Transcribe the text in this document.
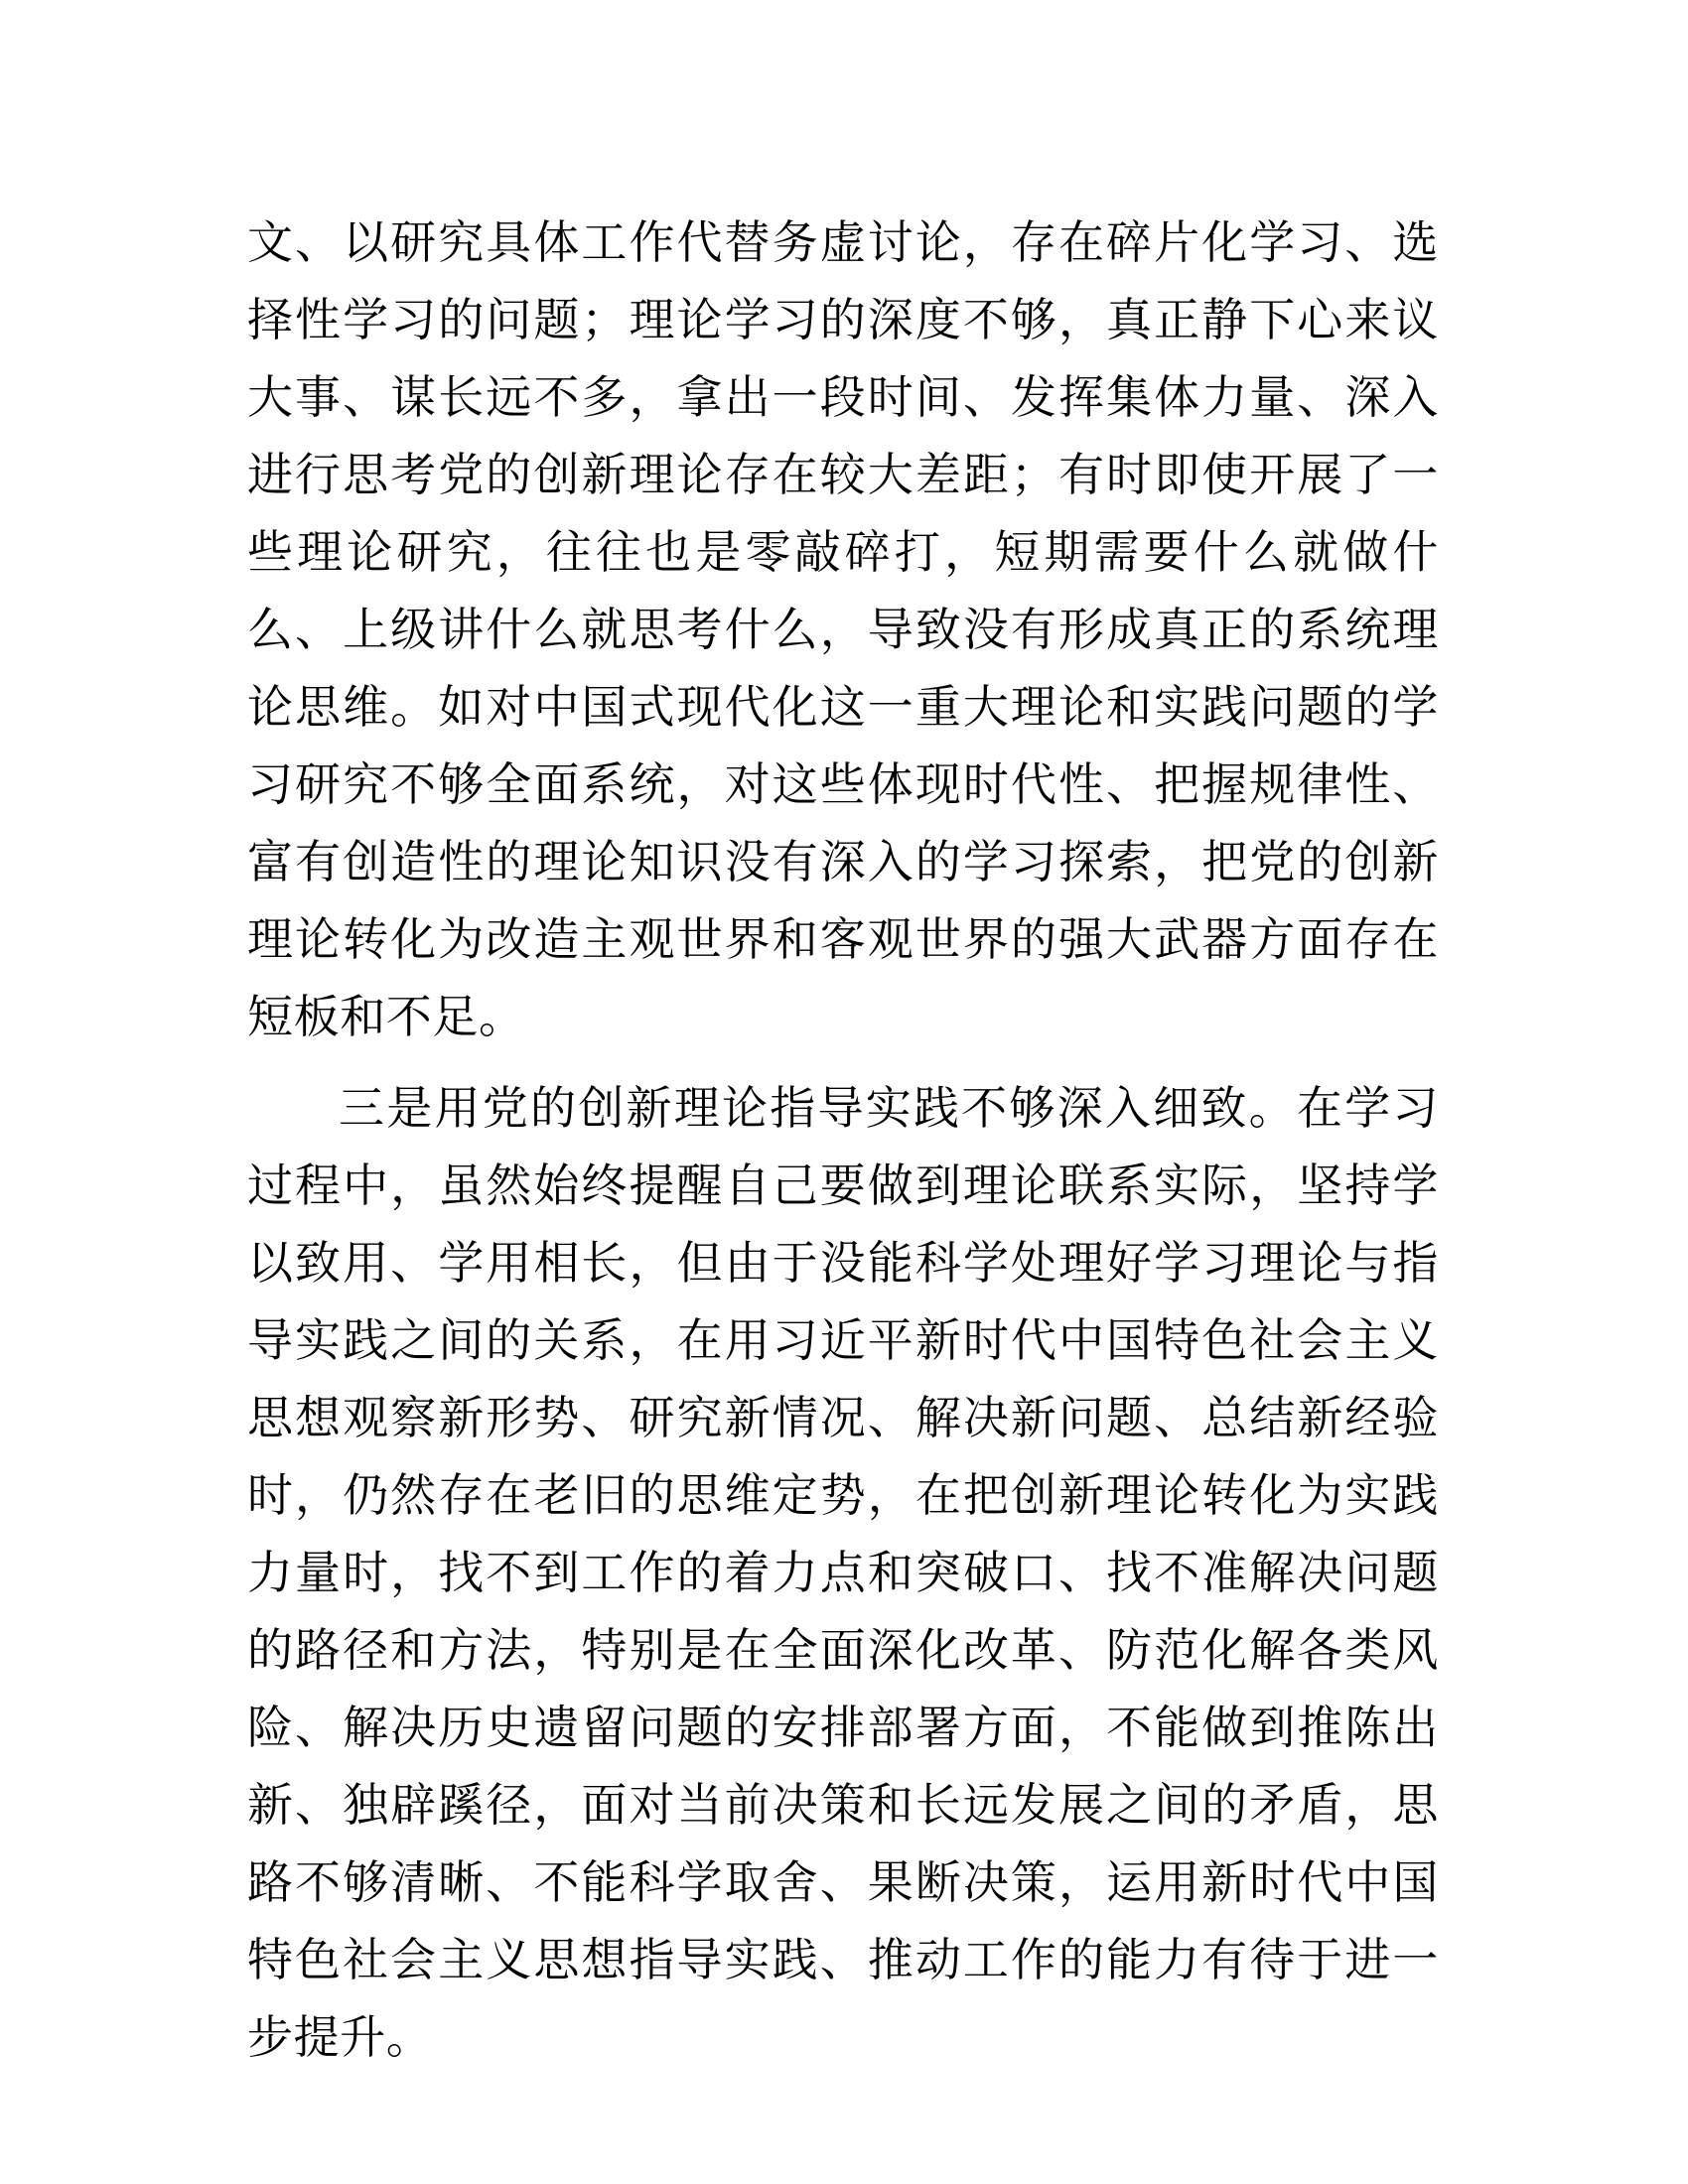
文、以研究具体工作代替务虚讨论，存在碎片化学习、选择性学习的问题；理论学习的深度不够，真正静下心来议大事、谋长远不多，拿出一段时间、发挥集体力量、深入进行思考党的创新理论存在较大差距；有时即使开展了一些理论研究，往往也是零敲碎打，短期需要什么就做什么、上级讲什么就思考什么，导致没有形成真正的系统理论思维。如对中国式现代化这一重大理论和实践问题的学习研究不够全面系统，对这些体现时代性、把握规律性、富有创造性的理论知识没有深入的学习探索，把党的创新理论转化为改造主观世界和客观世界的强大武器方面存在短板和不足。

三是用党的创新理论指导实践不够深入细致。在学习过程中，虽然始终提醒自己要做到理论联系实际，坚持学以致用、学用相长，但由于没能科学处理好学习理论与指导实践之间的关系，在用习近平新时代中国特色社会主义思想观察新形势、研究新情况、解决新问题、总结新经验时，仍然存在老旧的思维定势，在把创新理论转化为实践力量时，找不到工作的着力点和突破口、找不准解决问题的路径和方法，特别是在全面深化改革、防范化解各类风险、解决历史遗留问题的安排部署方面，不能做到推陈出新、独辟蹊径，面对当前决策和长远发展之间的矛盾，思路不够清晰、不能科学取舍、果断决策，运用新时代中国特色社会主义思想指导实践、推动工作的能力有待于进一步提升。
